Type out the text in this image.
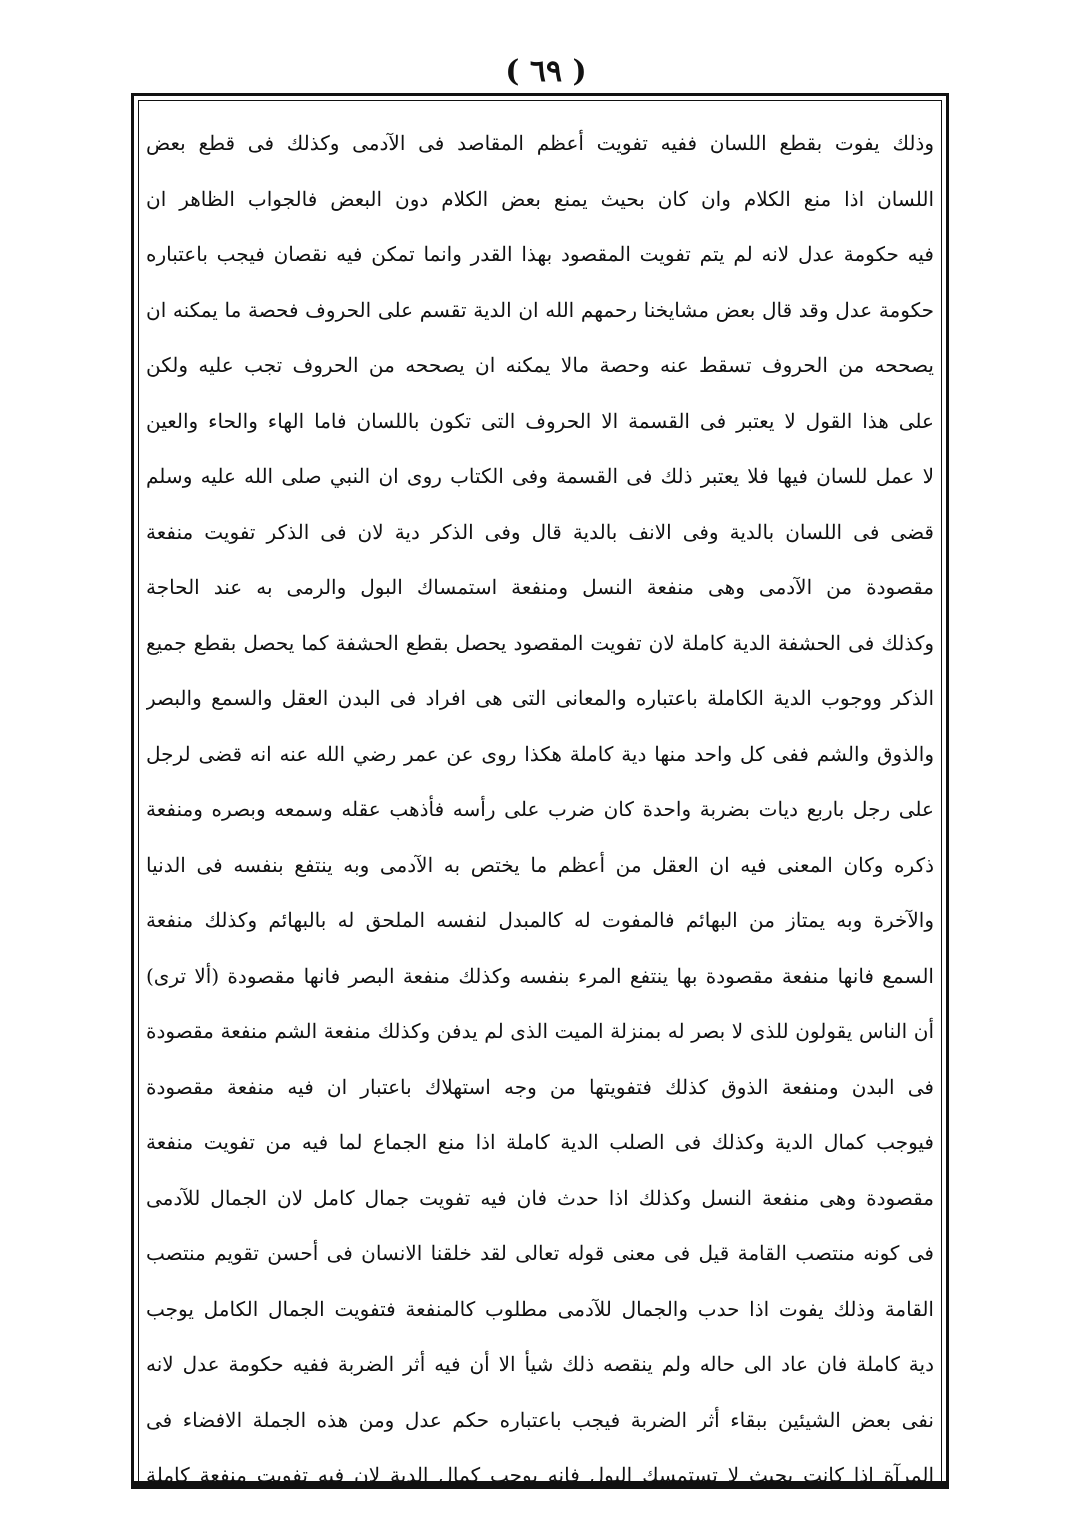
( ٦٩ )
وذلك يفوت بقطع اللسان ففيه تفويت أعظم المقاصد فى الآدمى وكذلك فى قطع بعض
اللسان اذا منع الكلام وان كان بحيث يمنع بعض الكلام دون البعض فالجواب الظاهر ان
فيه حكومة عدل لانه لم يتم تفويت المقصود بهذا القدر وانما تمكن فيه نقصان فيجب باعتباره
حكومة عدل وقد قال بعض مشايخنا رحمهم الله ان الدية تقسم على الحروف فحصة ما يمكنه ان
يصححه من الحروف تسقط عنه وحصة مالا يمكنه ان يصححه من الحروف تجب عليه ولكن
على هذا القول لا يعتبر فى القسمة الا الحروف التى تكون باللسان فاما الهاء والحاء والعين
لا عمل للسان فيها فلا يعتبر ذلك فى القسمة وفى الكتاب روى ان النبي صلى الله عليه وسلم
قضى فى اللسان بالدية وفى الانف بالدية قال وفى الذكر دية لان فى الذكر تفويت منفعة
مقصودة من الآدمى وهى منفعة النسل ومنفعة استمساك البول والرمى به عند الحاجة
وكذلك فى الحشفة الدية كاملة لان تفويت المقصود يحصل بقطع الحشفة كما يحصل بقطع جميع
الذكر ووجوب الدية الكاملة باعتباره والمعانى التى هى افراد فى البدن العقل والسمع والبصر
والذوق والشم ففى كل واحد منها دية كاملة هكذا روى عن عمر رضي الله عنه انه قضى لرجل
على رجل باربع ديات بضربة واحدة كان ضرب على رأسه فأذهب عقله وسمعه وبصره ومنفعة
ذكره وكان المعنى فيه ان العقل من أعظم ما يختص به الآدمى وبه ينتفع بنفسه فى الدنيا
والآخرة وبه يمتاز من البهائم فالمفوت له كالمبدل لنفسه الملحق له بالبهائم وكذلك منفعة
السمع فانها منفعة مقصودة بها ينتفع المرء بنفسه وكذلك منفعة البصر فانها مقصودة (ألا ترى)
أن الناس يقولون للذى لا بصر له بمنزلة الميت الذى لم يدفن وكذلك منفعة الشم منفعة مقصودة
فى البدن ومنفعة الذوق كذلك فتفويتها من وجه استهلاك باعتبار ان فيه منفعة مقصودة
فيوجب كمال الدية وكذلك فى الصلب الدية كاملة اذا منع الجماع لما فيه من تفويت منفعة
مقصودة وهى منفعة النسل وكذلك اذا حدث فان فيه تفويت جمال كامل لان الجمال للآدمى
فى كونه منتصب القامة قيل فى معنى قوله تعالى لقد خلقنا الانسان فى أحسن تقويم منتصب
القامة وذلك يفوت اذا حدب والجمال للآدمى مطلوب كالمنفعة فتفويت الجمال الكامل يوجب
دية كاملة فان عاد الى حاله ولم ينقصه ذلك شيأ الا أن فيه أثر الضربة ففيه حكومة عدل لانه
نفى بعض الشيئين ببقاء أثر الضربة فيجب باعتباره حكم عدل ومن هذه الجملة الافضاء فى
المرآة اذا كانت بحيث لا تستمسك البول فانه يوجب كمال الدية لان فيه تفويت منفعة كاملة
